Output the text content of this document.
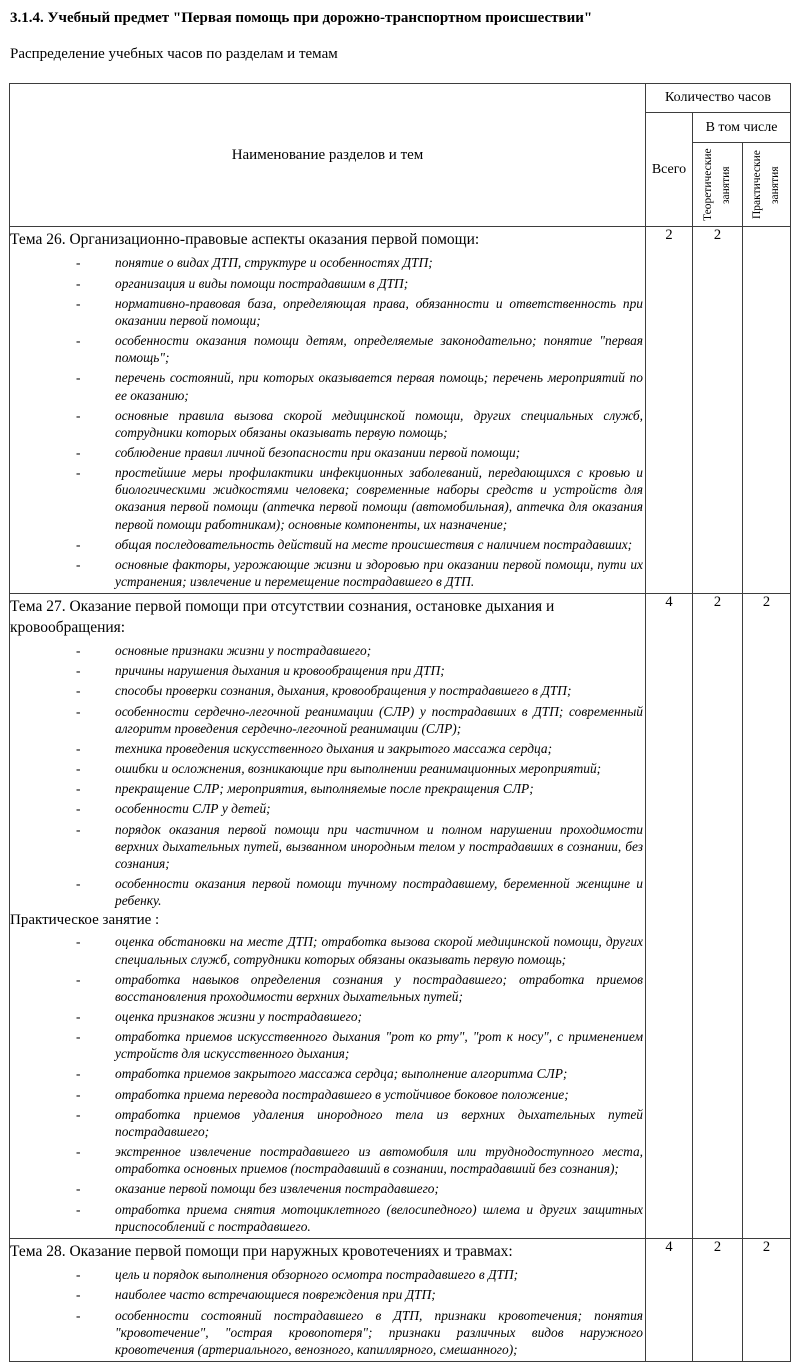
3.1.4. Учебный предмет "Первая помощь при дорожно-транспортном происшествии"
Распределение учебных часов по разделам и темам
Наименование разделов и тем	Количество часов		
	Всего	В том числе	

		Теоретические занятия	Практические занятия

Тема 26. Организационно-правовые аспекты оказания первой помощи:
- понятие о видах ДТП, структуре и особенностях ДТП;
- организация и виды помощи пострадавшим в ДТП;
- нормативно-правовая база, определяющая права, обязанности и ответственность при оказании первой помощи;
- особенности оказания помощи детям, определяемые законодательно; понятие "первая помощь";
- перечень состояний, при которых оказывается первая помощь; перечень мероприятий по ее оказанию;
- основные правила вызова скорой медицинской помощи, других специальных служб, сотрудники которых обязаны оказывать первую помощь;
- соблюдение правил личной безопасности при оказании первой помощи;
- простейшие меры профилактики инфекционных заболеваний, передающихся с кровью и биологическими жидкостями человека; современные наборы средств и устройств для оказания первой помощи (аптечка первой помощи (автомобильная), аптечка для оказания первой помощи работникам); основные компоненты, их назначение;
- общая последовательность действий на месте происшествия с наличием пострадавших;
- основные факторы, угрожающие жизни и здоровью при оказании первой помощи, пути их устранения; извлечение и перемещение пострадавшего в ДТП.
	2	2	

Тема 27. Оказание первой помощи при отсутствии сознания, остановке дыхания и кровообращения:
- основные признаки жизни у пострадавшего;
- причины нарушения дыхания и кровообращения при ДТП;
- способы проверки сознания, дыхания, кровообращения у пострадавшего в ДТП;
- особенности сердечно-легочной реанимации (СЛР) у пострадавших в ДТП; современный алгоритм проведения сердечно-легочной реанимации (СЛР);
- техника проведения искусственного дыхания и закрытого массажа сердца;
- ошибки и осложнения, возникающие при выполнении реанимационных мероприятий;
- прекращение СЛР; мероприятия, выполняемые после прекращения СЛР;
- особенности СЛР у детей;
- порядок оказания первой помощи при частичном и полном нарушении проходимости верхних дыхательных путей, вызванном инородным телом у пострадавших в сознании, без сознания;
- особенности оказания первой помощи тучному пострадавшему, беременной женщине и ребенку.
Практическое занятие :
- оценка обстановки на месте ДТП; отработка вызова скорой медицинской помощи, других специальных служб, сотрудники которых обязаны оказывать первую помощь;
- отработка навыков определения сознания у пострадавшего; отработка приемов восстановления проходимости верхних дыхательных путей;
- оценка признаков жизни у пострадавшего;
- отработка приемов искусственного дыхания "рот ко рту", "рот к носу", с применением устройств для искусственного дыхания;
- отработка приемов закрытого массажа сердца; выполнение алгоритма СЛР;
- отработка приема перевода пострадавшего в устойчивое боковое положение;
- отработка приемов удаления инородного тела из верхних дыхательных путей пострадавшего;
- экстренное извлечение пострадавшего из автомобиля или труднодоступного места, отработка основных приемов (пострадавший в сознании, пострадавший без сознания);
- оказание первой помощи без извлечения пострадавшего;
- отработка приема снятия мотоциклетного (велосипедного) шлема и других защитных приспособлений с пострадавшего.
	4	2	2

Тема 28. Оказание первой помощи при наружных кровотечениях и травмах:
- цель и порядок выполнения обзорного осмотра пострадавшего в ДТП;
- наиболее часто встречающиеся повреждения при ДТП;
- особенности состояний пострадавшего в ДТП, признаки кровотечения; понятия "кровотечение", "острая кровопотеря"; признаки различных видов наружного кровотечения (артериального, венозного, капиллярного, смешанного);
	4	2	2
